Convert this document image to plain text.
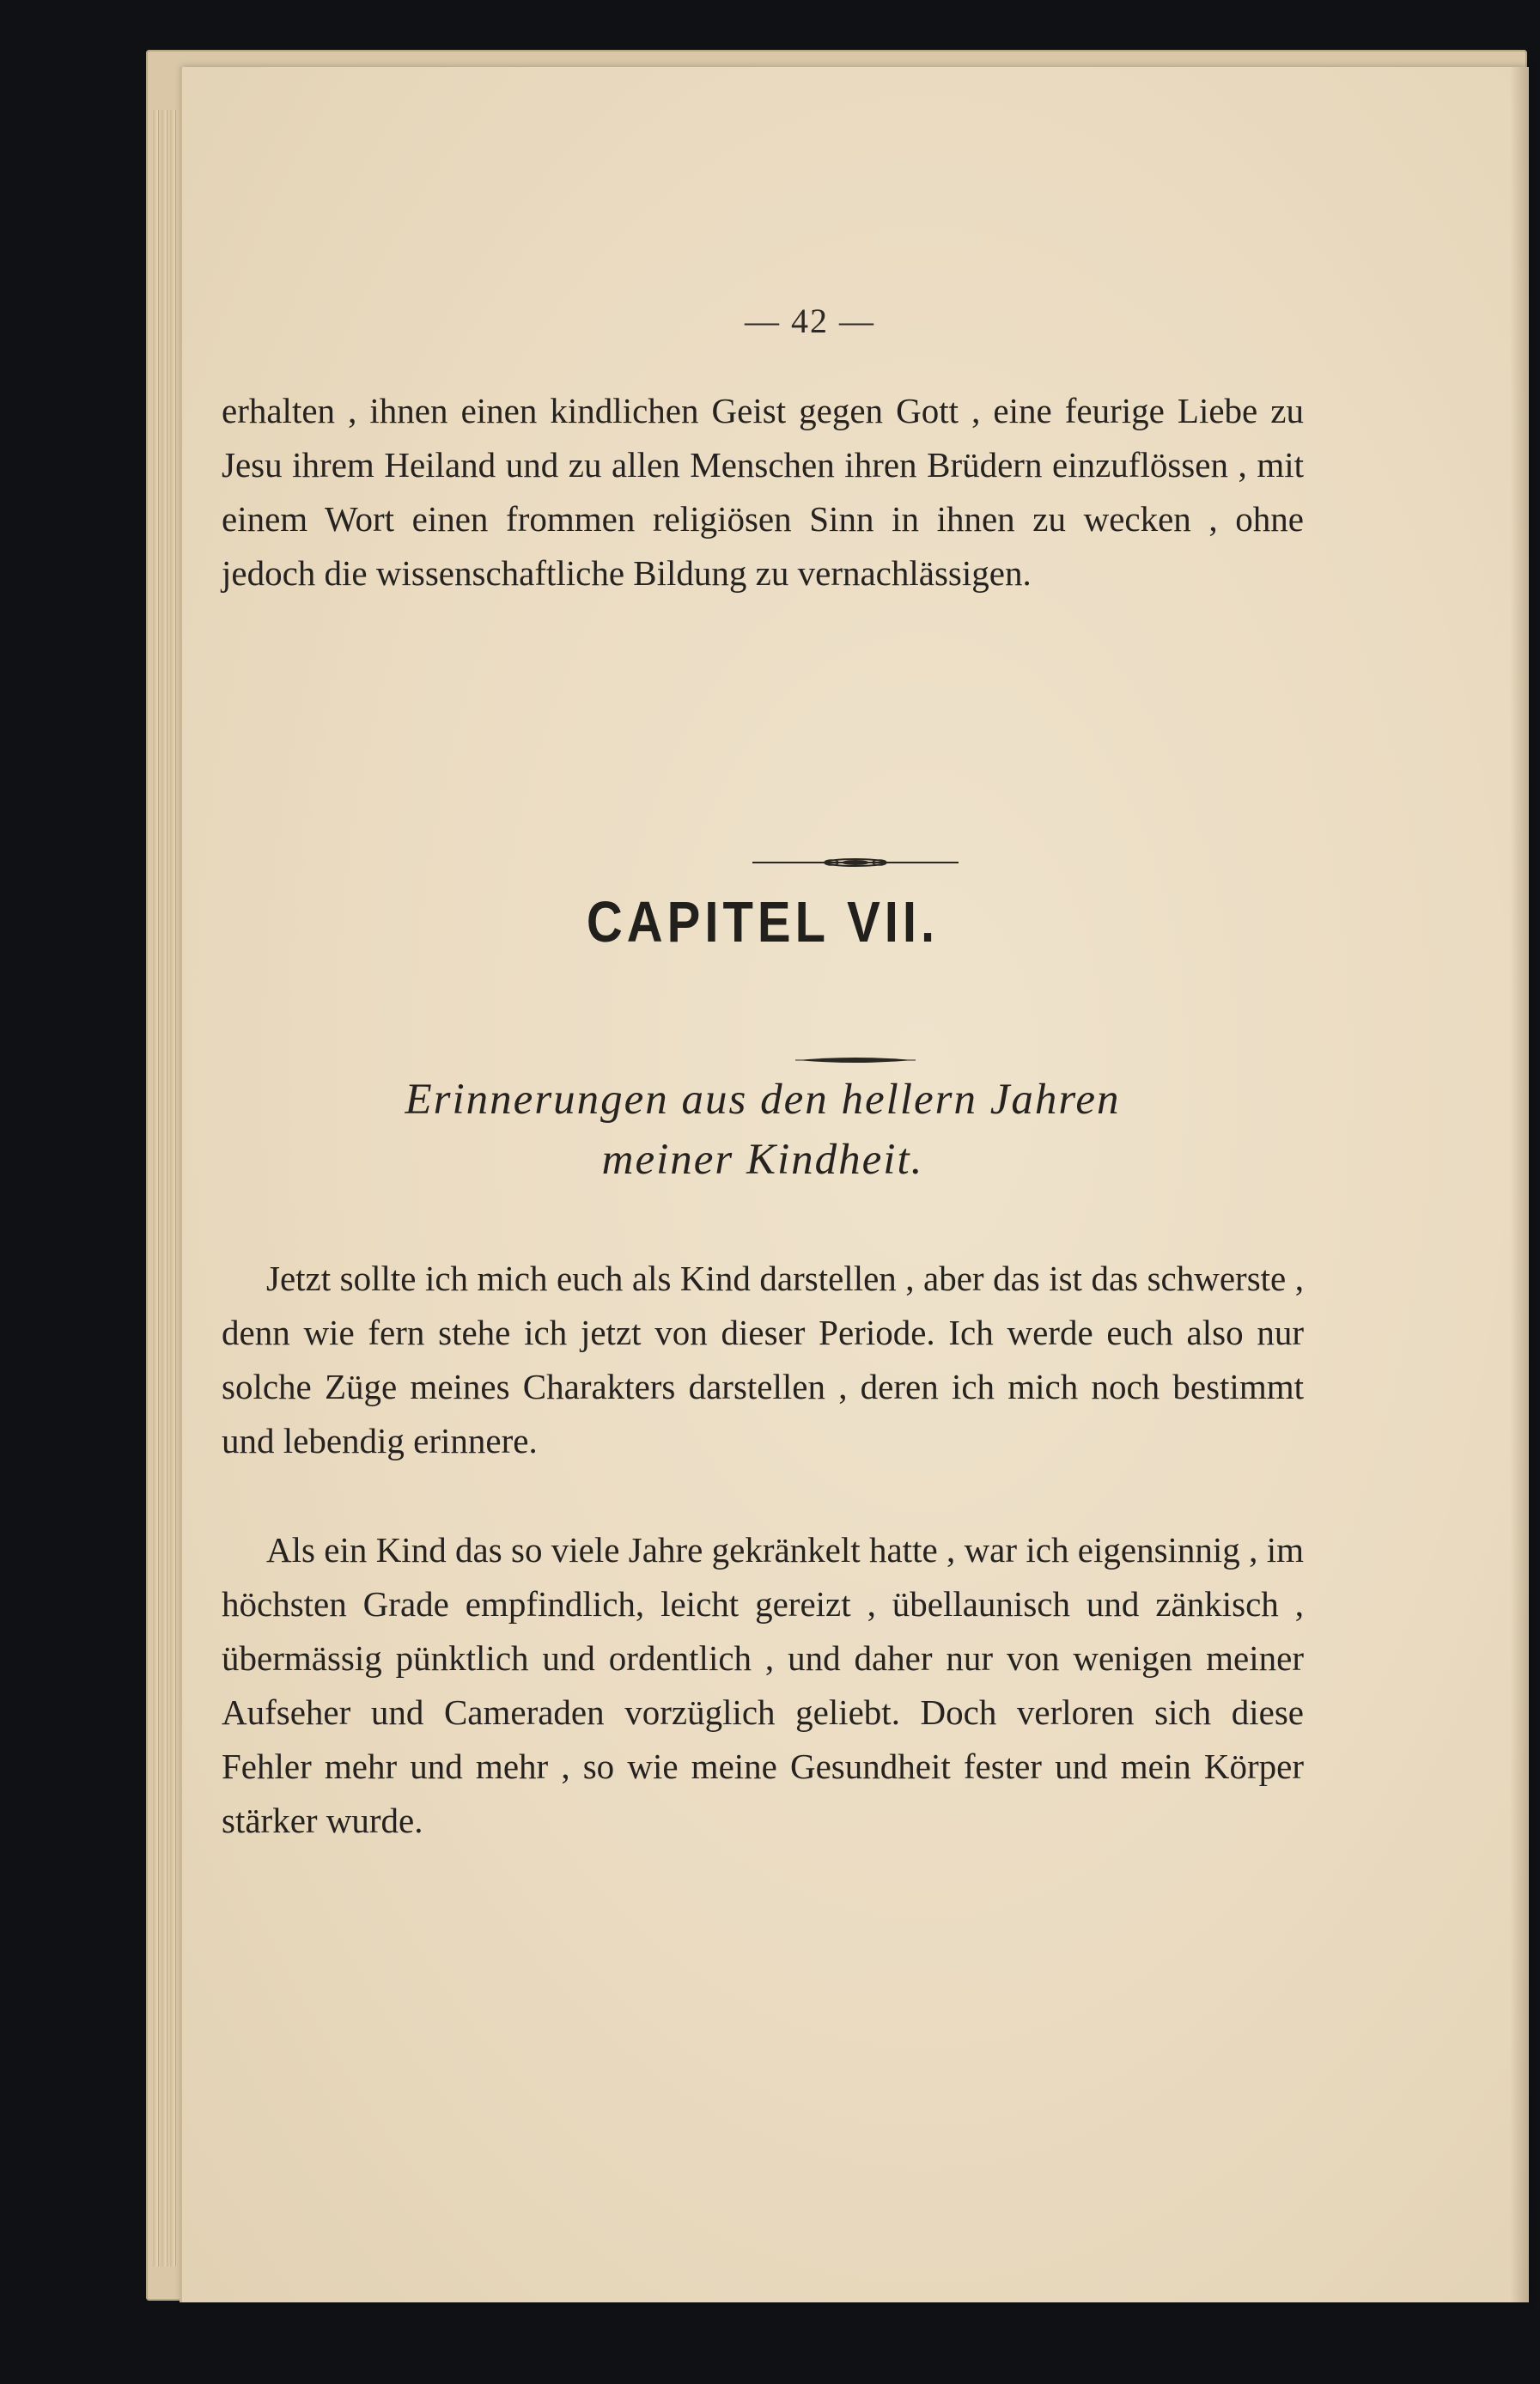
— 42 —

erhalten , ihnen einen kindlichen Geist gegen Gott , eine feurige Liebe zu Jesu ihrem Heiland und zu allen Menschen ihren Brüdern einzuflössen , mit einem Wort einen frommen religiösen Sinn in ihnen zu wecken , ohne jedoch die wissenschaftliche Bildung zu vernachlässigen.

CAPITEL VII.
Erinnerungen aus den hellern Jahren
meiner Kindheit.

Jetzt sollte ich mich euch als Kind darstellen , aber das ist das schwerste , denn wie fern stehe ich jetzt von dieser Periode. Ich werde euch also nur solche Züge meines Charakters darstellen , deren ich mich noch bestimmt und lebendig erinnere.

Als ein Kind das so viele Jahre gekränkelt hatte , war ich eigensinnig , im höchsten Grade empfindlich, leicht gereizt , übellaunisch und zänkisch , übermässig pünktlich und ordentlich , und daher nur von wenigen meiner Aufseher und Cameraden vorzüglich geliebt. Doch verloren sich diese Fehler mehr und mehr , so wie meine Gesundheit fester und mein Körper stärker wurde.
